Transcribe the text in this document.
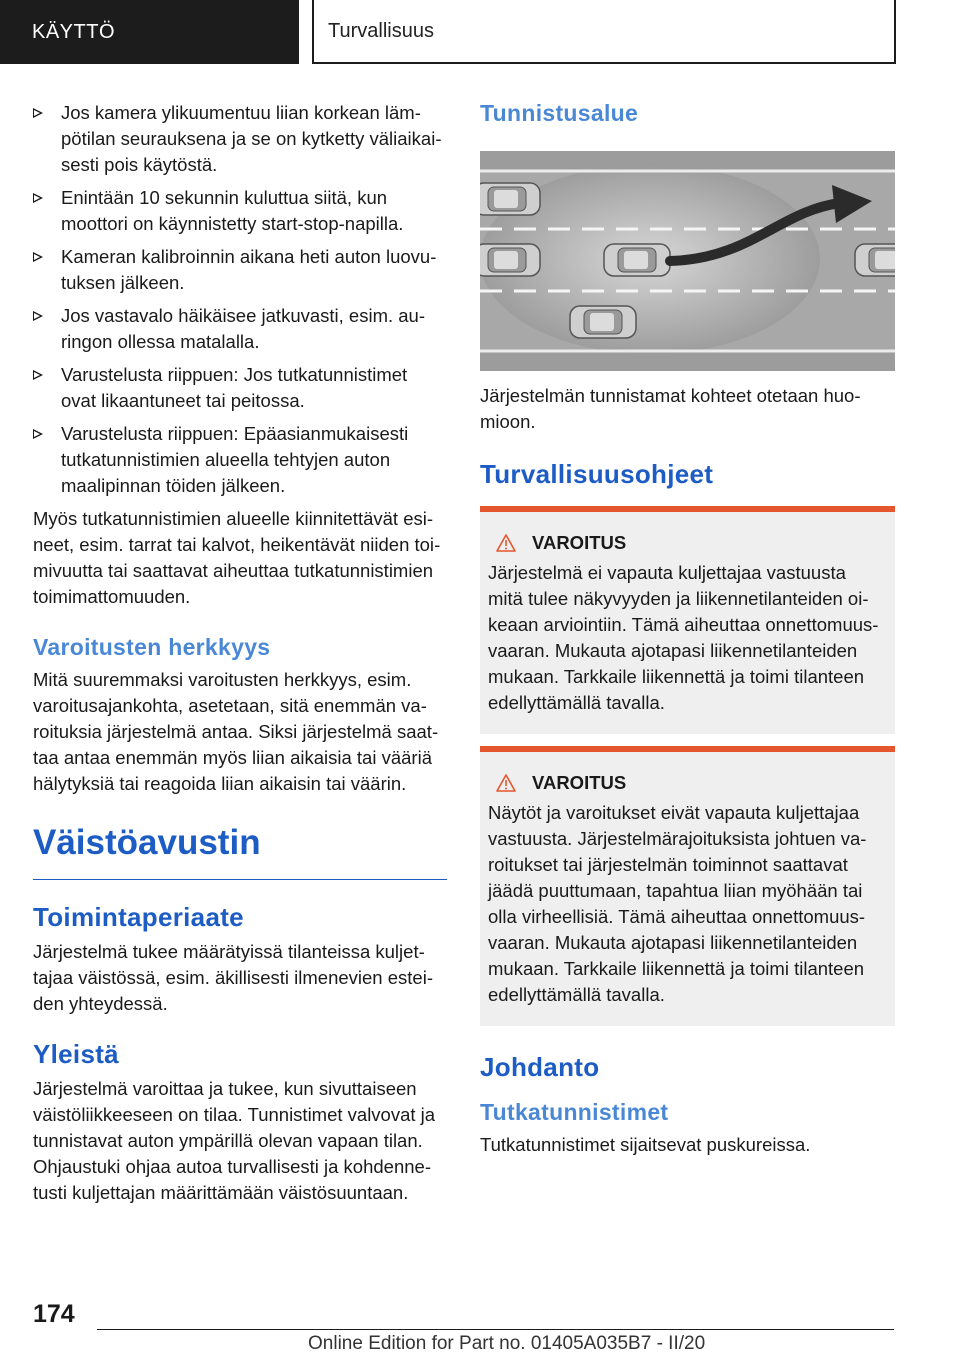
KÄYTTÖ	Turvallisuus
Jos kamera ylikuumentuu liian korkean lämpötilan seurauksena ja se on kytketty väliaikaisesti pois käytöstä.
Enintään 10 sekunnin kuluttua siitä, kun moottori on käynnistetty start-stop-napilla.
Kameran kalibroinnin aikana heti auton luovutuksen jälkeen.
Jos vastavalo häikäisee jatkuvasti, esim. auringon ollessa matalalla.
Varustelusta riippuen: Jos tutkatunnistimet ovat likaantuneet tai peitossa.
Varustelusta riippuen: Epäasianmukaisesti tutkatunnistimien alueella tehtyjen auton maalipinnan töiden jälkeen.

Myös tutkatunnistimien alueelle kiinnitettävät esineet, esim. tarrat tai kalvot, heikentävät niiden toimivuutta tai saattavat aiheuttaa tutkatunnistimien toimimattomuuden.

Varoitusten herkkyys

Mitä suuremmaksi varoitusten herkkyys, esim. varoitusajankohta, asetetaan, sitä enemmän varoituksia järjestelmä antaa. Siksi järjestelmä saattaa antaa enemmän myös liian aikaisia tai vääriä hälytyksiä tai reagoida liian aikaisin tai väärin.

Väistöavustin
Toimintaperiaate

Järjestelmä tukee määrätyissä tilanteissa kuljettajaa väistössä, esim. äkillisesti ilmenevien esteiden yhteydessä.

Yleistä

Järjestelmä varoittaa ja tukee, kun sivuttaiseen väistöliikkeeseen on tilaa. Tunnistimet valvovat ja tunnistavat auton ympärillä olevan vapaan tilan. Ohjaustuki ohjaa autoa turvallisesti ja kohdennetusti kuljettajan määrittämään väistösuuntaan.

Tunnistusalue

Järjestelmän tunnistamat kohteet otetaan huomioon.

Turvallisuusohjeet
VAROITUS

Järjestelmä ei vapauta kuljettajaa vastuusta mitä tulee näkyvyyden ja liikennetilanteiden oikeaan arviointiin. Tämä aiheuttaa onnettomuusvaaran. Mukauta ajotapasi liikennetilanteiden mukaan. Tarkkaile liikennettä ja toimi tilanteen edellyttämällä tavalla.

VAROITUS

Näytöt ja varoitukset eivät vapauta kuljettajaa vastuusta. Järjestelmärajoituksista johtuen varoitukset tai järjestelmän toiminnot saattavat jäädä puuttumaan, tapahtua liian myöhään tai olla virheellisiä. Tämä aiheuttaa onnettomuusvaaran. Mukauta ajotapasi liikennetilanteiden mukaan. Tarkkaile liikennettä ja toimi tilanteen edellyttämällä tavalla.

Johdanto
Tutkatunnistimet

Tutkatunnistimet sijaitsevat puskureissa.

174
Online Edition for Part no. 01405A035B7 - II/20
